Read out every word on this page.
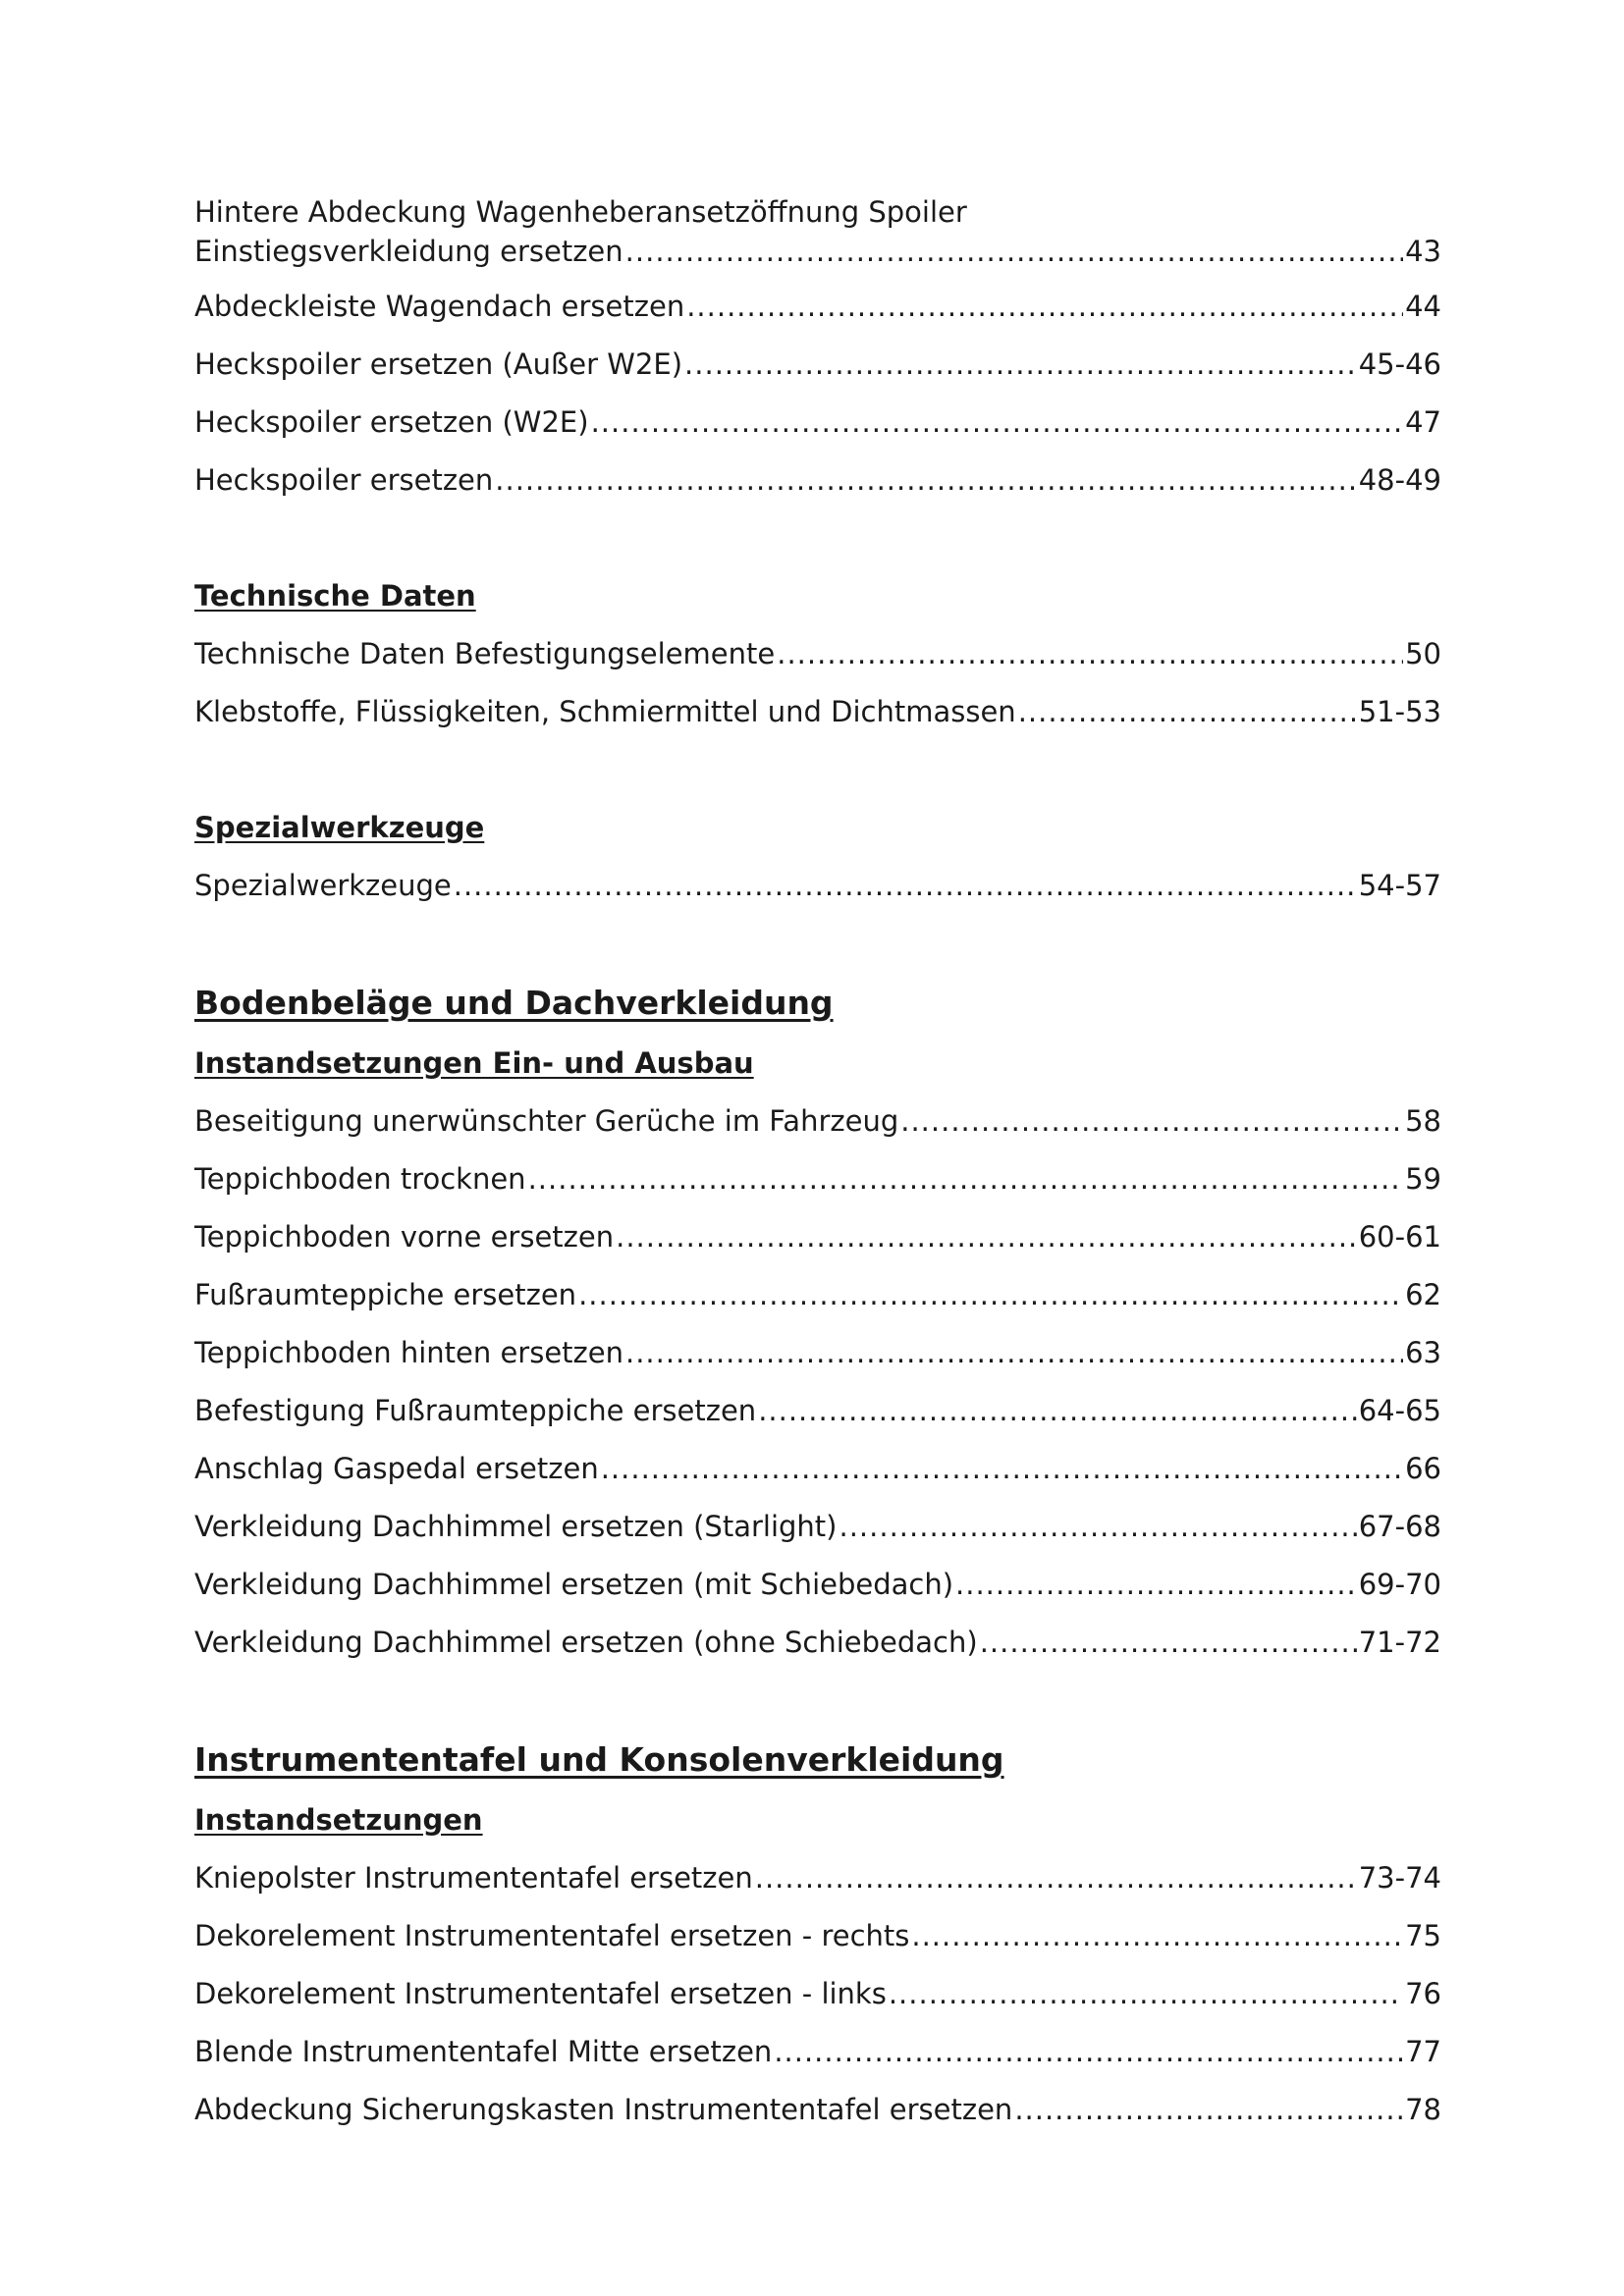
Hintere Abdeckung Wagenheberansetzöffnung Spoiler
Einstiegsverkleidung ersetzen .....	43
Abdeckleiste Wagendach ersetzen .....	44
Heckspoiler ersetzen (Außer W2E) .....	45-46
Heckspoiler ersetzen (W2E) .....	47
Heckspoiler ersetzen .....	48-49
Technische Daten
Technische Daten Befestigungselemente .....	50
Klebstoffe, Flüssigkeiten, Schmiermittel und Dichtmassen .....	51-53
Spezialwerkzeuge
Spezialwerkzeuge .....	54-57
Bodenbeläge und Dachverkleidung
Instandsetzungen Ein- und Ausbau
Beseitigung unerwünschter Gerüche im Fahrzeug .....	58
Teppichboden trocknen .....	59
Teppichboden vorne ersetzen .....	60-61
Fußraumteppiche ersetzen .....	62
Teppichboden hinten ersetzen .....	63
Befestigung Fußraumteppiche ersetzen .....	64-65
Anschlag Gaspedal ersetzen .....	66
Verkleidung Dachhimmel ersetzen (Starlight) .....	67-68
Verkleidung Dachhimmel ersetzen (mit Schiebedach) .....	69-70
Verkleidung Dachhimmel ersetzen (ohne Schiebedach) .....	71-72
Instrumententafel und Konsolenverkleidung
Instandsetzungen
Kniepolster Instrumententafel ersetzen .....	73-74
Dekorelement Instrumententafel ersetzen - rechts .....	75
Dekorelement Instrumententafel ersetzen - links .....	76
Blende Instrumententafel Mitte ersetzen .....	77
Abdeckung Sicherungskasten Instrumententafel ersetzen .....	78
